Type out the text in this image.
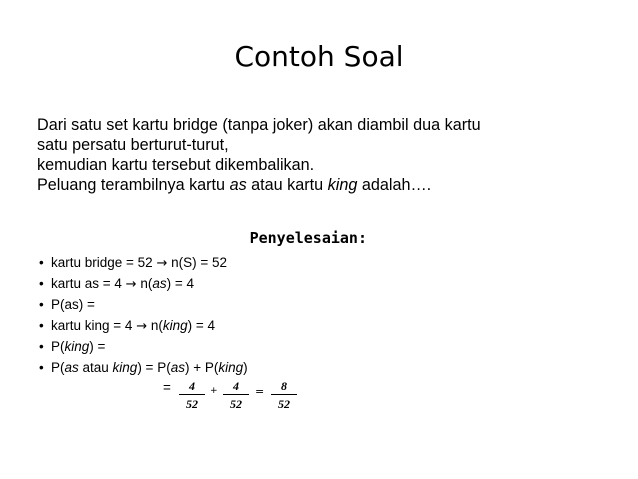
Contoh Soal
Dari satu set kartu bridge (tanpa joker) akan diambil dua kartu
satu persatu berturut-turut,
kemudian kartu tersebut dikembalikan.
Peluang terambilnya kartu as atau kartu king adalah….
Penyelesaian:
• kartu bridge = 52 → n(S) = 52
• kartu as = 4 → n(as) = 4
• P(as) =
• kartu king = 4 → n(king) = 4
• P(king) =
• P(as atau king) = P(as) + P(king)
=	4
52
+	4
52
=	8
52
